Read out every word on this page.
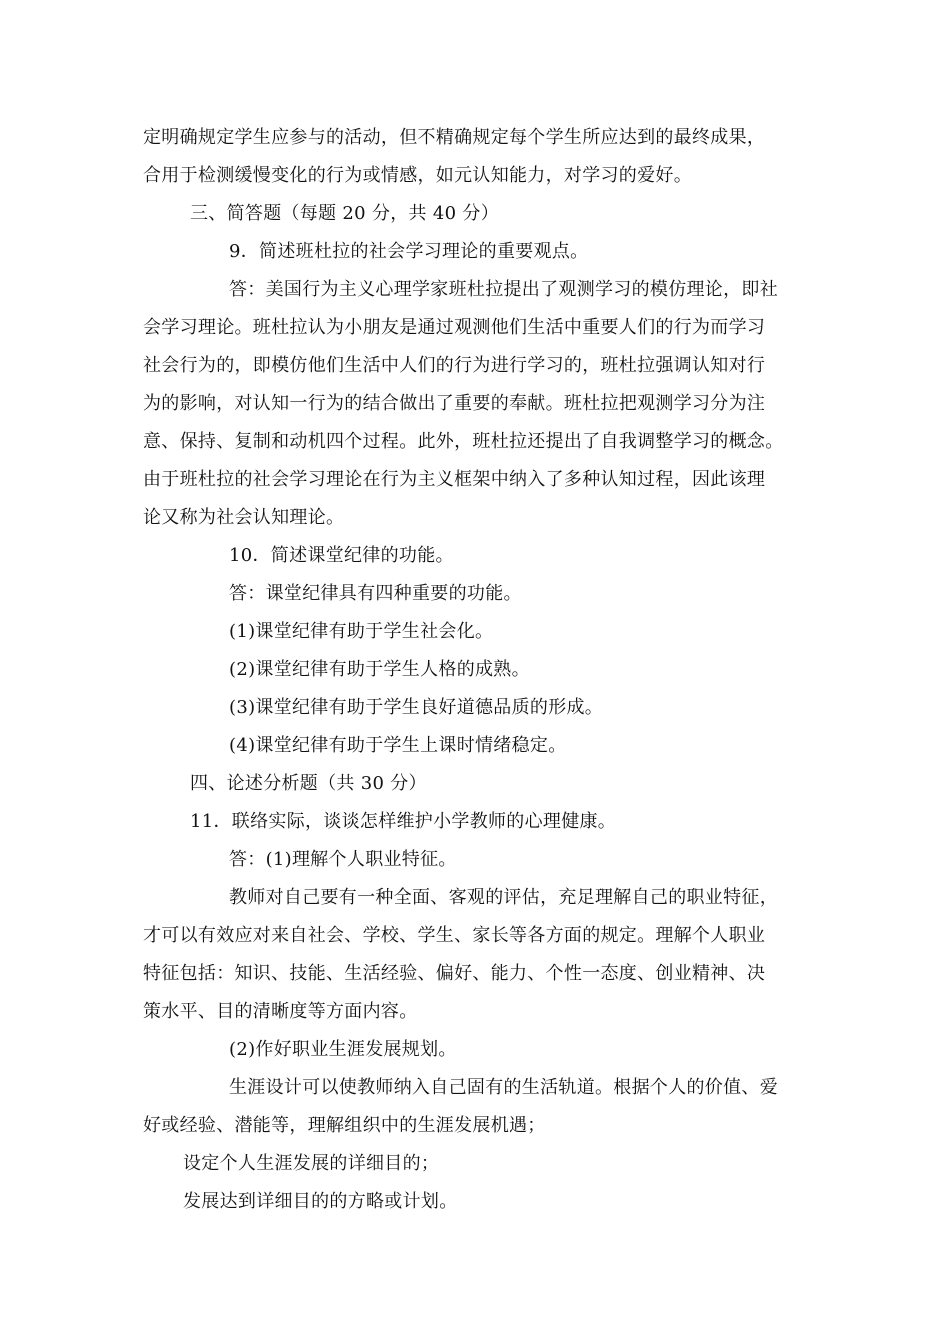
定明确规定学生应参与的活动，但不精确规定每个学生所应达到的最终成果，
合用于检测缓慢变化的行为或情感，如元认知能力，对学习的爱好。
三、简答题（每题 20 分，共 40 分）
9．简述班杜拉的社会学习理论的重要观点。
答：美国行为主义心理学家班杜拉提出了观测学习的模仿理论，即社
会学习理论。班杜拉认为小朋友是通过观测他们生活中重要人们的行为而学习
社会行为的，即模仿他们生活中人们的行为进行学习的，班杜拉强调认知对行
为的影响，对认知一行为的结合做出了重要的奉献。班杜拉把观测学习分为注
意、保持、复制和动机四个过程。此外，班杜拉还提出了自我调整学习的概念。
由于班杜拉的社会学习理论在行为主义框架中纳入了多种认知过程，因此该理
论又称为社会认知理论。
10．简述课堂纪律的功能。
答：课堂纪律具有四种重要的功能。
(1)课堂纪律有助于学生社会化。
(2)课堂纪律有助于学生人格的成熟。
(3)课堂纪律有助于学生良好道德品质的形成。
(4)课堂纪律有助于学生上课时情绪稳定。
四、论述分析题（共 30 分）
11．联络实际，谈谈怎样维护小学教师的心理健康。
答：(1)理解个人职业特征。
教师对自己要有一种全面、客观的评估，充足理解自己的职业特征，
才可以有效应对来自社会、学校、学生、家长等各方面的规定。理解个人职业
特征包括：知识、技能、生活经验、偏好、能力、个性一态度、创业精神、决
策水平、目的清晰度等方面内容。
(2)作好职业生涯发展规划。
生涯设计可以使教师纳入自己固有的生活轨道。根据个人的价值、爱
好或经验、潜能等，理解组织中的生涯发展机遇；
设定个人生涯发展的详细目的；
发展达到详细目的的方略或计划。
